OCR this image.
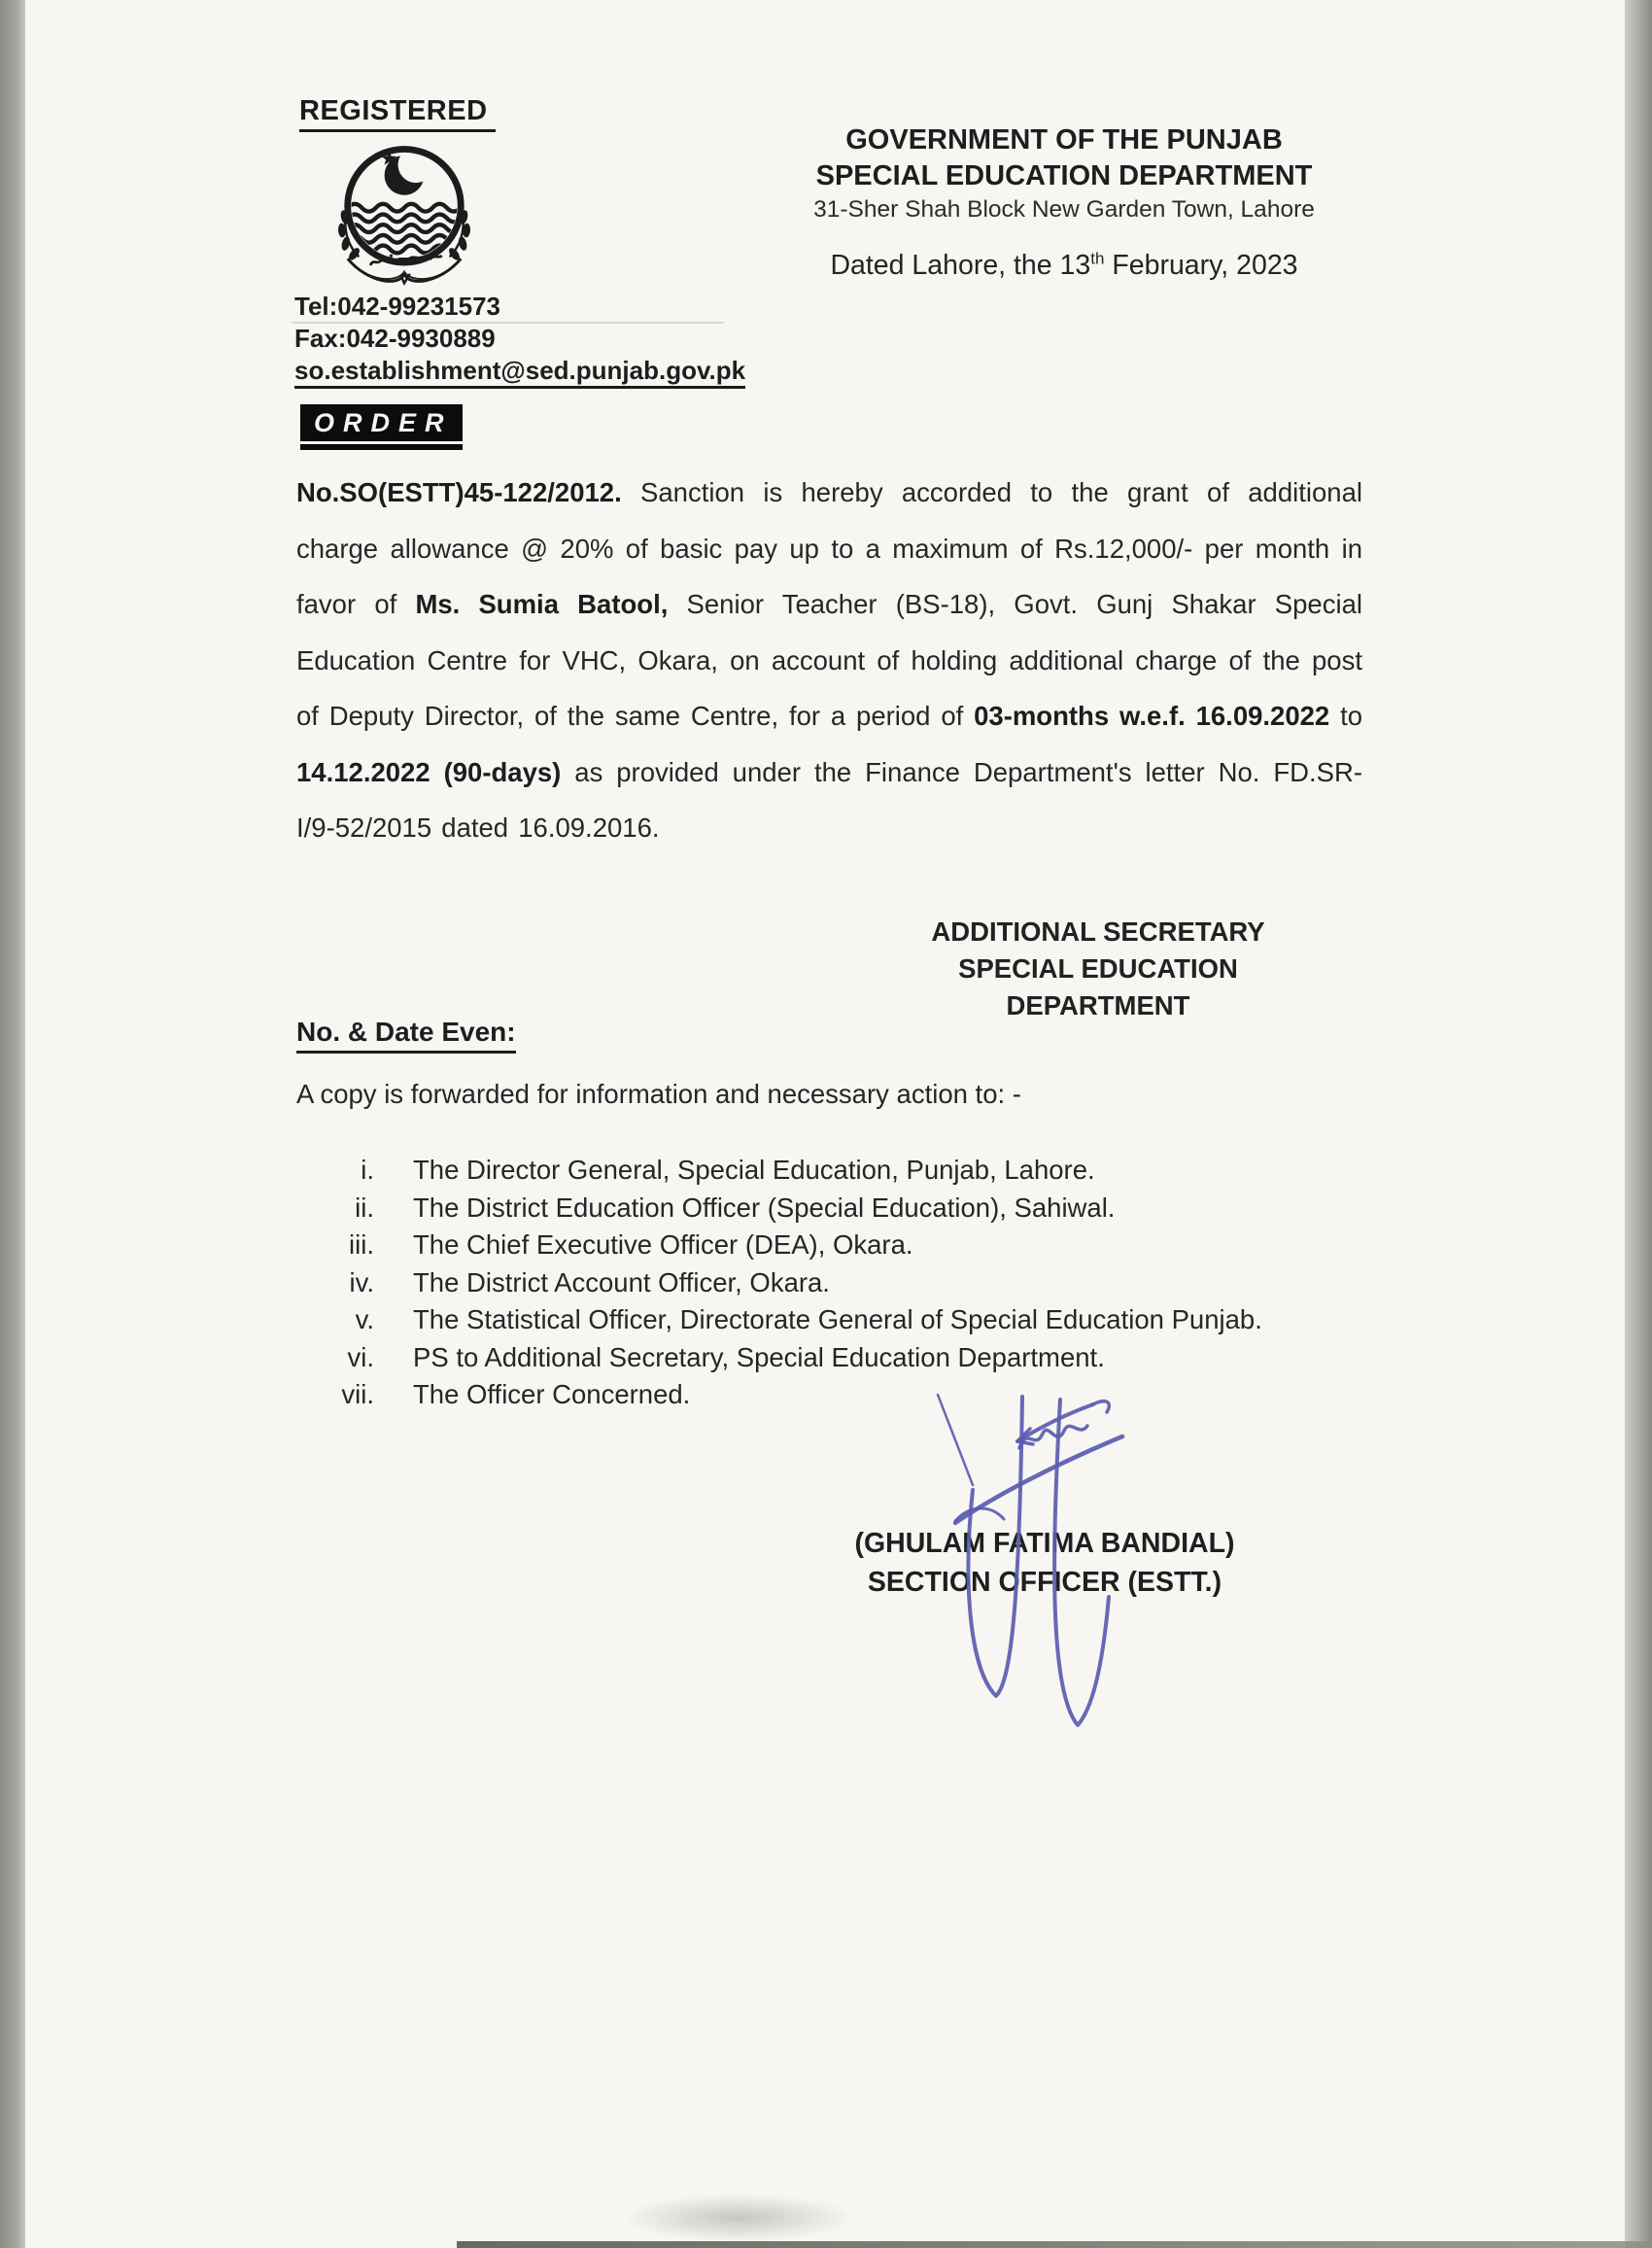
REGISTERED
Tel:042-99231573
Fax:042-9930889
so.establishment@sed.punjab.gov.pk
GOVERNMENT OF THE PUNJAB
SPECIAL EDUCATION DEPARTMENT
31-Sher Shah Block New Garden Town, Lahore
Dated Lahore, the 13th February, 2023
ORDER

No.SO(ESTT)45-122/2012. Sanction is hereby accorded to the grant of additional charge allowance @ 20% of basic pay up to a maximum of Rs.12,000/- per month in favor of Ms. Sumia Batool, Senior Teacher (BS-18), Govt. Gunj Shakar Special Education Centre for VHC, Okara, on account of holding additional charge of the post of Deputy Director, of the same Centre, for a period of 03-months w.e.f. 16.09.2022 to 14.12.2022 (90-days) as provided under the Finance Department's letter No. FD.SR-I/9-52/2015 dated 16.09.2016.

ADDITIONAL SECRETARY
SPECIAL EDUCATION
DEPARTMENT
No. & Date Even:
A copy is forwarded for information and necessary action to: -
i. The Director General, Special Education, Punjab, Lahore.
ii. The District Education Officer (Special Education), Sahiwal.
iii. The Chief Executive Officer (DEA), Okara.
iv. The District Account Officer, Okara.
v. The Statistical Officer, Directorate General of Special Education Punjab.
vi. PS to Additional Secretary, Special Education Department.
vii. The Officer Concerned.
(GHULAM FATIMA BANDIAL)
SECTION OFFICER (ESTT.)
